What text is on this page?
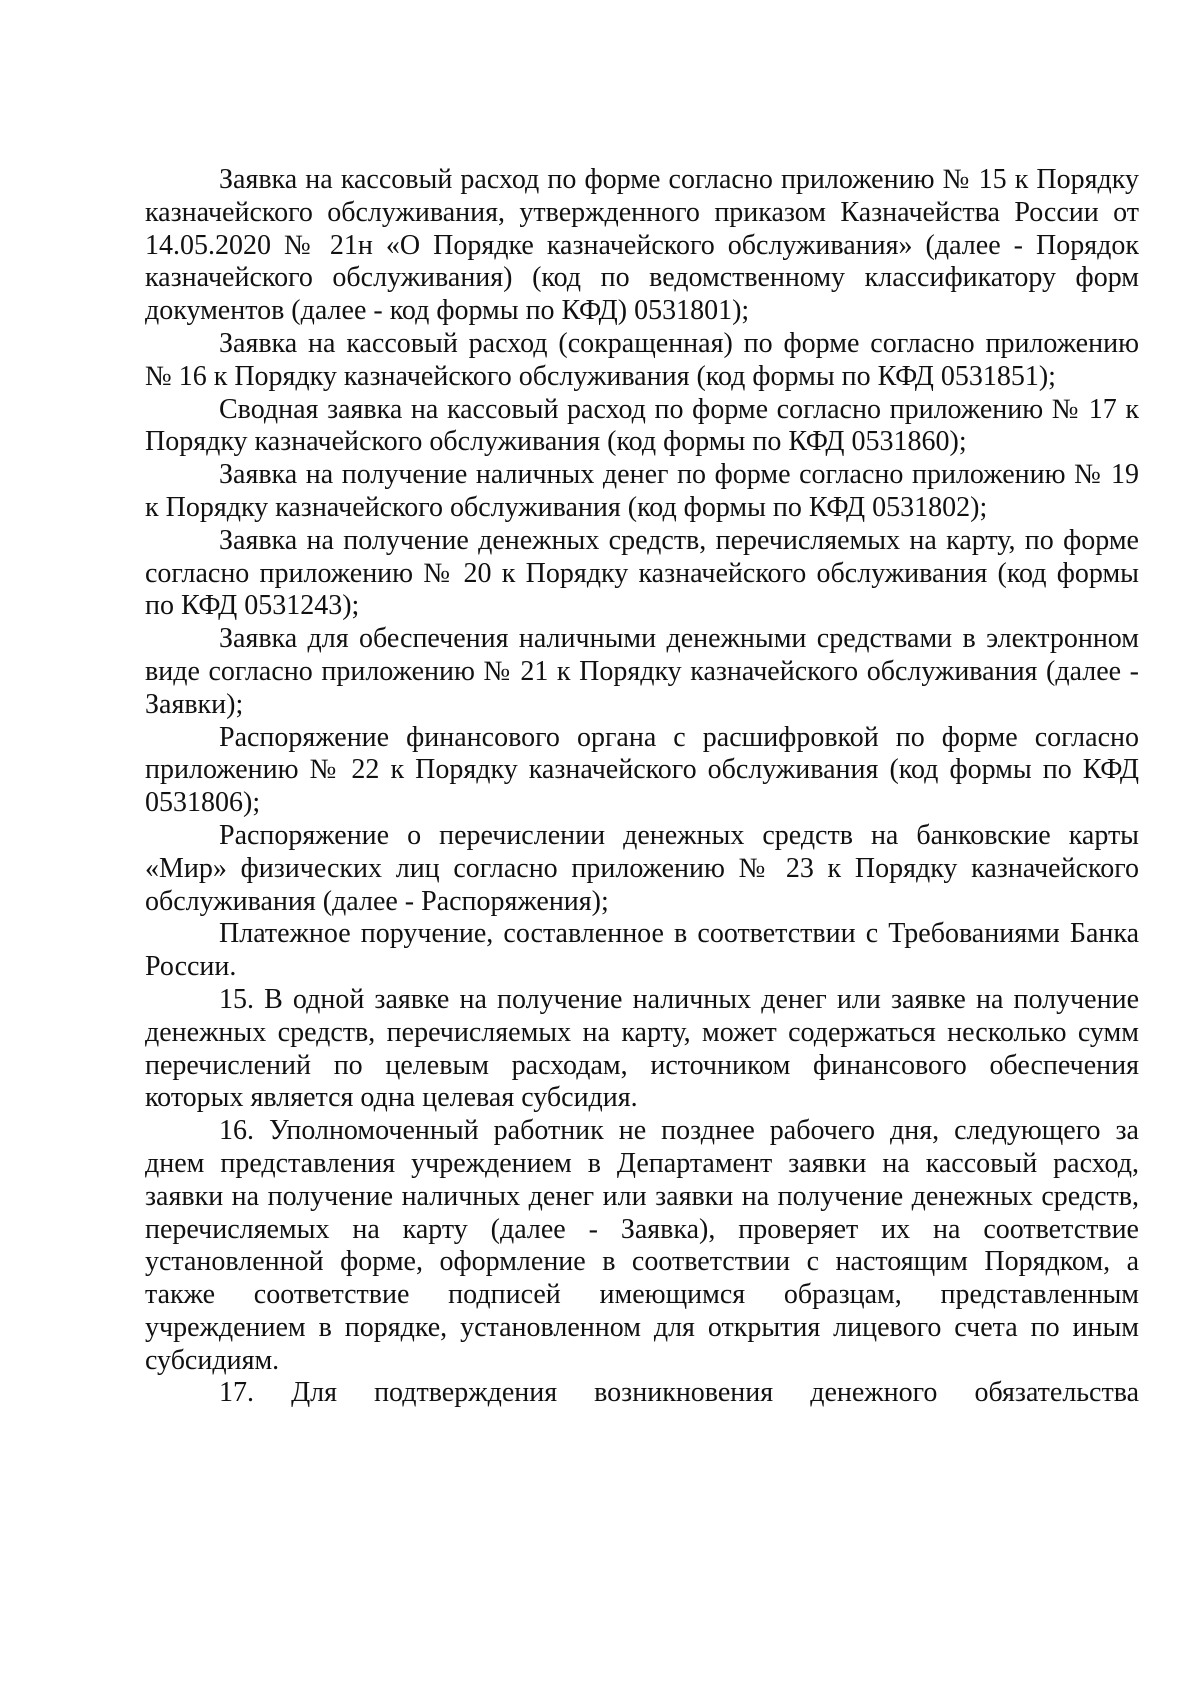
Заявка на кассовый расход по форме согласно приложению № 15 к Порядку казначейского обслуживания, утвержденного приказом Казначейства России от 14.05.2020 № 21н «О Порядке казначейского обслуживания» (далее - Порядок казначейского обслуживания) (код по ведомственному классификатору форм документов (далее - код формы по КФД) 0531801);

Заявка на кассовый расход (сокращенная) по форме согласно приложению № 16 к Порядку казначейского обслуживания (код формы по КФД 0531851);

Сводная заявка на кассовый расход по форме согласно приложению № 17 к Порядку казначейского обслуживания (код формы по КФД 0531860);

Заявка на получение наличных денег по форме согласно приложению № 19 к Порядку казначейского обслуживания (код формы по КФД 0531802);

Заявка на получение денежных средств, перечисляемых на карту, по форме согласно приложению № 20 к Порядку казначейского обслуживания (код формы по КФД 0531243);

Заявка для обеспечения наличными денежными средствами в электронном виде согласно приложению № 21 к Порядку казначейского обслуживания (далее - Заявки);

Распоряжение финансового органа с расшифровкой по форме согласно приложению № 22 к Порядку казначейского обслуживания (код формы по КФД 0531806);

Распоряжение о перечислении денежных средств на банковские карты «Мир» физических лиц согласно приложению № 23 к Порядку казначейского обслуживания (далее - Распоряжения);

Платежное поручение, составленное в соответствии с Требованиями Банка России.

15. В одной заявке на получение наличных денег или заявке на получение денежных средств, перечисляемых на карту, может содержаться несколько сумм перечислений по целевым расходам, источником финансового обеспечения которых является одна целевая субсидия.

16. Уполномоченный работник не позднее рабочего дня, следующего за днем представления учреждением в Департамент заявки на кассовый расход, заявки на получение наличных денег или заявки на получение денежных средств, перечисляемых на карту (далее - Заявка), проверяет их на соответствие установленной форме, оформление в соответствии с настоящим Порядком, а также соответствие подписей имеющимся образцам, представленным учреждением в порядке, установленном для открытия лицевого счета по иным субсидиям.

17. Для подтверждения возникновения денежного обязательства
